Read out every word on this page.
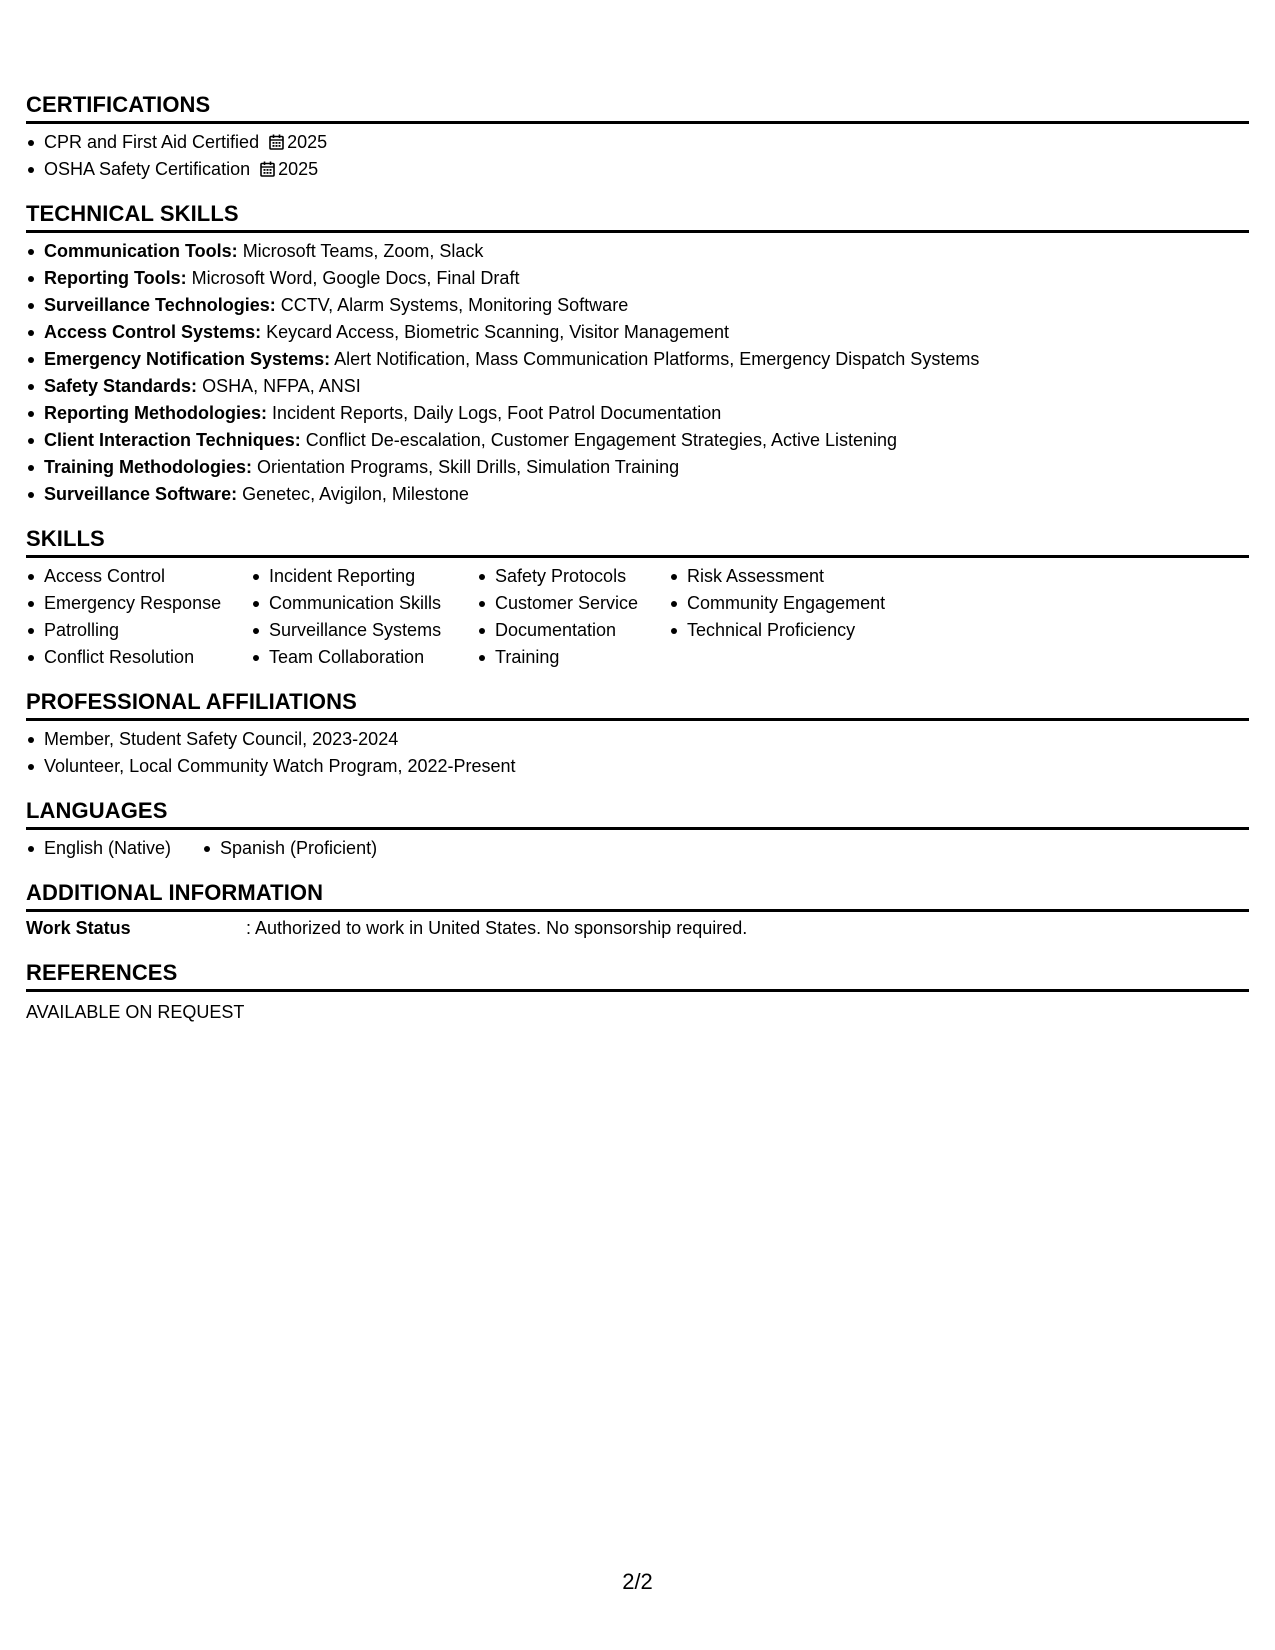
CERTIFICATIONS
CPR and First Aid Certified 2025
OSHA Safety Certification 2025
TECHNICAL SKILLS
Communication Tools: Microsoft Teams, Zoom, Slack
Reporting Tools: Microsoft Word, Google Docs, Final Draft
Surveillance Technologies: CCTV, Alarm Systems, Monitoring Software
Access Control Systems: Keycard Access, Biometric Scanning, Visitor Management
Emergency Notification Systems: Alert Notification, Mass Communication Platforms, Emergency Dispatch Systems
Safety Standards: OSHA, NFPA, ANSI
Reporting Methodologies: Incident Reports, Daily Logs, Foot Patrol Documentation
Client Interaction Techniques: Conflict De-escalation, Customer Engagement Strategies, Active Listening
Training Methodologies: Orientation Programs, Skill Drills, Simulation Training
Surveillance Software: Genetec, Avigilon, Milestone
SKILLS
Access Control
Emergency Response
Patrolling
Conflict Resolution
Incident Reporting
Communication Skills
Surveillance Systems
Team Collaboration
Safety Protocols
Customer Service
Documentation
Training
Risk Assessment
Community Engagement
Technical Proficiency
PROFESSIONAL AFFILIATIONS
Member, Student Safety Council, 2023-2024
Volunteer, Local Community Watch Program, 2022-Present
LANGUAGES
English (Native)	Spanish (Proficient)
ADDITIONAL INFORMATION
Work Status	: Authorized to work in United States. No sponsorship required.
REFERENCES
AVAILABLE ON REQUEST
2/2
